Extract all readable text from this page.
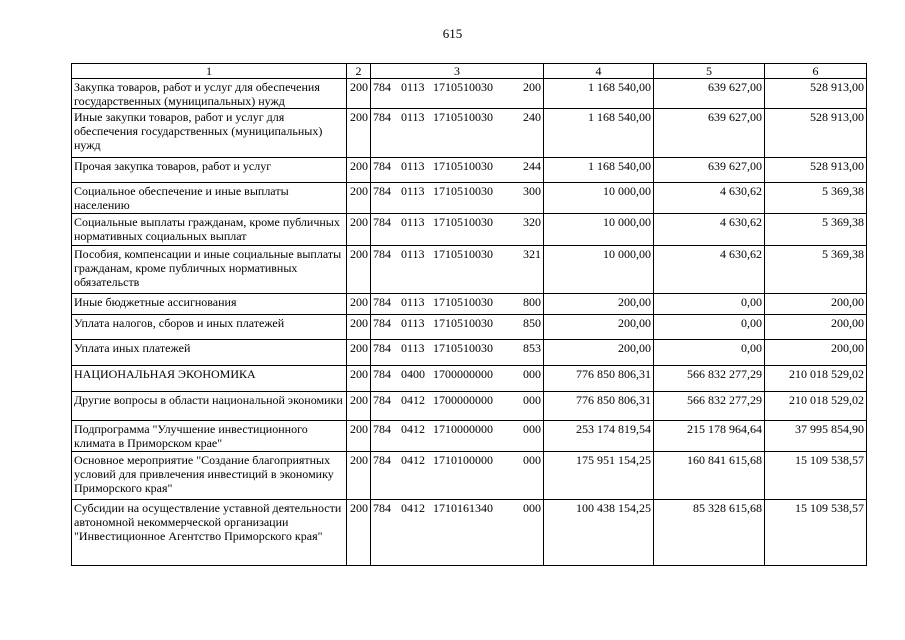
615
1	2	3	4	5	6
Закупка товаров, работ и услуг для обеспечения государственных (муниципальных) нужд	200	784 0113 1710510030 200	1 168 540,00	639 627,00	528 913,00
Иные закупки товаров, работ и услуг для обеспечения государственных (муниципальных) нужд	200	784 0113 1710510030 240	1 168 540,00	639 627,00	528 913,00
Прочая закупка товаров, работ и услуг	200	784 0113 1710510030 244	1 168 540,00	639 627,00	528 913,00
Социальное обеспечение и иные выплаты населению	200	784 0113 1710510030 300	10 000,00	4 630,62	5 369,38
Социальные выплаты гражданам, кроме публичных нормативных социальных выплат	200	784 0113 1710510030 320	10 000,00	4 630,62	5 369,38
Пособия, компенсации и иные социальные выплаты гражданам, кроме публичных нормативных обязательств	200	784 0113 1710510030 321	10 000,00	4 630,62	5 369,38
Иные бюджетные ассигнования	200	784 0113 1710510030 800	200,00	0,00	200,00
Уплата налогов, сборов и иных платежей	200	784 0113 1710510030 850	200,00	0,00	200,00
Уплата иных платежей	200	784 0113 1710510030 853	200,00	0,00	200,00
НАЦИОНАЛЬНАЯ ЭКОНОМИКА	200	784 0400 1700000000 000	776 850 806,31	566 832 277,29	210 018 529,02
Другие вопросы в области национальной экономики	200	784 0412 1700000000 000	776 850 806,31	566 832 277,29	210 018 529,02
Подпрограмма "Улучшение инвестиционного климата в Приморском крае"	200	784 0412 1710000000 000	253 174 819,54	215 178 964,64	37 995 854,90
Основное мероприятие "Создание благоприятных условий для привлечения инвестиций в экономику Приморского края"	200	784 0412 1710100000 000	175 951 154,25	160 841 615,68	15 109 538,57
Субсидии на осуществление уставной деятельности автономной некоммерческой организации "Инвестиционное Агентство Приморского края"	200	784 0412 1710161340 000	100 438 154,25	85 328 615,68	15 109 538,57
